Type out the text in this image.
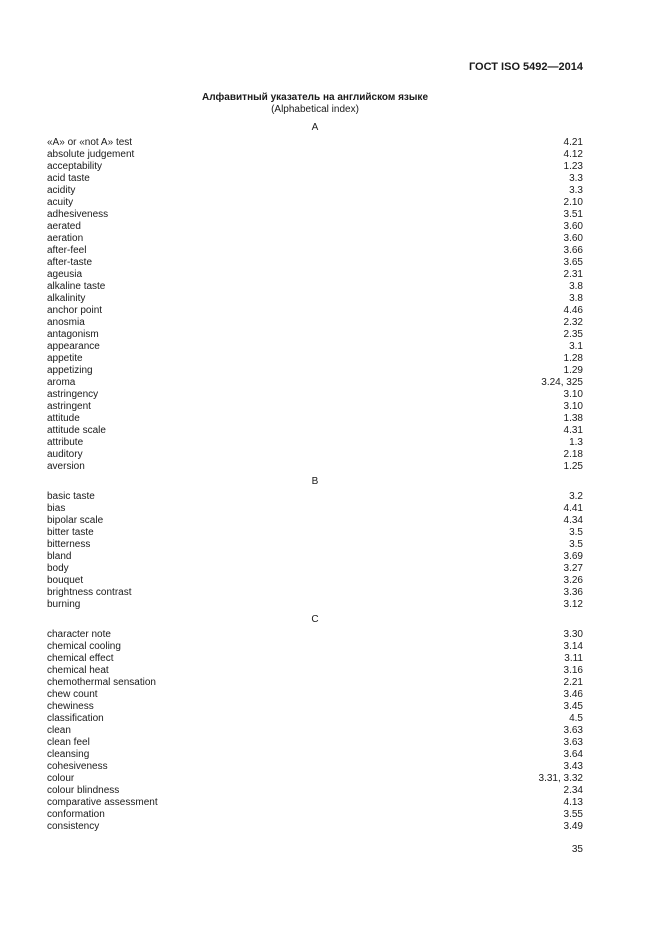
ГОСТ ISO 5492—2014
Алфавитный указатель на английском языке
(Alphabetical index)
A
«A» or «not A» test	4.21
absolute judgement	4.12
acceptability	1.23
acid taste	3.3
acidity	3.3
acuity	2.10
adhesiveness	3.51
aerated	3.60
aeration	3.60
after-feel	3.66
after-taste	3.65
ageusia	2.31
alkaline taste	3.8
alkalinity	3.8
anchor point	4.46
anosmia	2.32
antagonism	2.35
appearance	3.1
appetite	1.28
appetizing	1.29
aroma	3.24, 325
astringency	3.10
astringent	3.10
attitude	1.38
attitude scale	4.31
attribute	1.3
auditory	2.18
aversion	1.25
B
basic taste	3.2
bias	4.41
bipolar scale	4.34
bitter taste	3.5
bitterness	3.5
bland	3.69
body	3.27
bouquet	3.26
brightness contrast	3.36
burning	3.12
C
character note	3.30
chemical cooling	3.14
chemical effect	3.11
chemical heat	3.16
chemothermal sensation	2.21
chew count	3.46
chewiness	3.45
classification	4.5
clean	3.63
clean feel	3.63
cleansing	3.64
cohesiveness	3.43
colour	3.31, 3.32
colour blindness	2.34
comparative assessment	4.13
conformation	3.55
consistency	3.49
35
